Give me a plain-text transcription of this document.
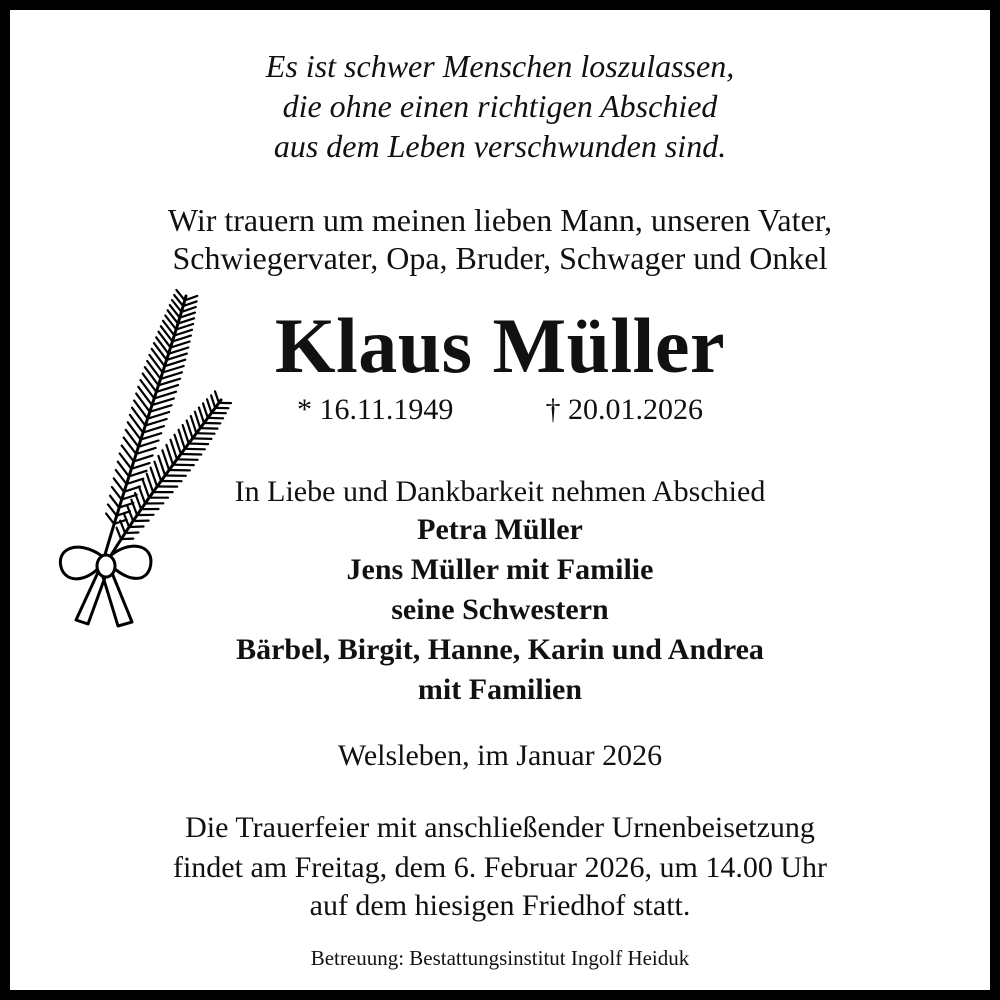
Es ist schwer Menschen loszulassen,
die ohne einen richtigen Abschied
aus dem Leben verschwunden sind.
Wir trauern um meinen lieben Mann, unseren Vater,
Schwiegervater, Opa, Bruder, Schwager und Onkel
Klaus Müller
* 16.11.1949	† 20.01.2026
In Liebe und Dankbarkeit nehmen Abschied
Petra Müller
Jens Müller mit Familie
seine Schwestern
Bärbel, Birgit, Hanne, Karin und Andrea
mit Familien
Welsleben, im Januar 2026
Die Trauerfeier mit anschließender Urnenbeisetzung
findet am Freitag, dem 6. Februar 2026, um 14.00 Uhr
auf dem hiesigen Friedhof statt.
Betreuung: Bestattungsinstitut Ingolf Heiduk
